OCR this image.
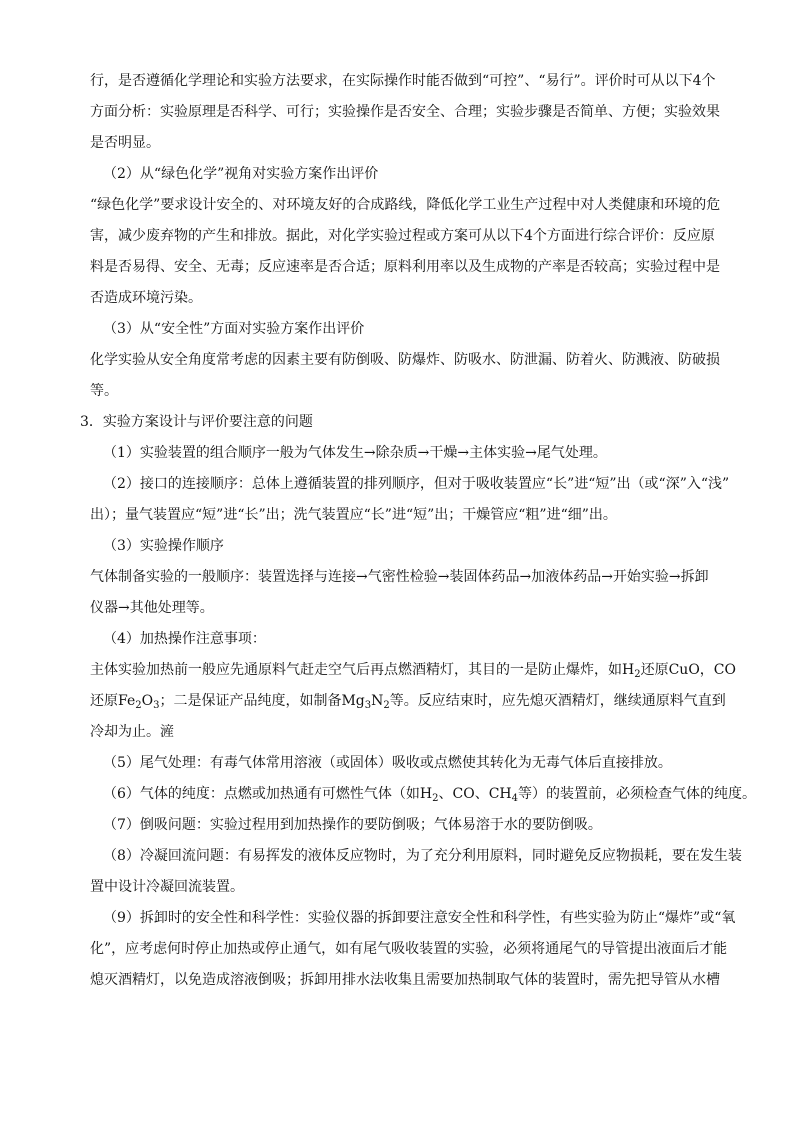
行，是否遵循化学理论和实验方法要求，在实际操作时能否做到“可控”、“易行”。评价时可从以下4个
方面分析：实验原理是否科学、可行；实验操作是否安全、合理；实验步骤是否简单、方便；实验效果
是否明显。
（2）从“绿色化学”视角对实验方案作出评价
“绿色化学”要求设计安全的、对环境友好的合成路线，降低化学工业生产过程中对人类健康和环境的危
害，减少废弃物的产生和排放。据此，对化学实验过程或方案可从以下4个方面进行综合评价：反应原
料是否易得、安全、无毒；反应速率是否合适；原料利用率以及生成物的产率是否较高；实验过程中是
否造成环境污染。
（3）从“安全性”方面对实验方案作出评价
化学实验从安全角度常考虑的因素主要有防倒吸、防爆炸、防吸水、防泄漏、防着火、防溅液、防破损
等。
3．实验方案设计与评价要注意的问题
（1）实验装置的组合顺序一般为气体发生→除杂质→干燥→主体实验→尾气处理。
（2）接口的连接顺序：总体上遵循装置的排列顺序，但对于吸收装置应“长”进“短”出（或“深”入“浅”
出）；量气装置应“短”进“长”出；洗气装置应“长”进“短”出；干燥管应“粗”进“细”出。
（3）实验操作顺序
气体制备实验的一般顺序：装置选择与连接→气密性检验→装固体药品→加液体药品→开始实验→拆卸
仪器→其他处理等。
（4）加热操作注意事项：
主体实验加热前一般应先通原料气赶走空气后再点燃酒精灯，其目的一是防止爆炸，如$H_2$还原CuO，CO
还原$Fe_2O_3$；二是保证产品纯度，如制备$Mg_3N_2$等。反应结束时，应先熄灭酒精灯，继续通原料气直到
冷却为止。滻
（5）尾气处理：有毒气体常用溶液（或固体）吸收或点燃使其转化为无毒气体后直接排放。
（6）气体的纯度：点燃或加热通有可燃性气体（如$H_2$、CO、$CH_4$等）的装置前，必须检查气体的纯度。
（7）倒吸问题：实验过程用到加热操作的要防倒吸；气体易溶于水的要防倒吸。
（8）冷凝回流问题：有易挥发的液体反应物时，为了充分利用原料，同时避免反应物损耗，要在发生装
置中设计冷凝回流装置。
（9）拆卸时的安全性和科学性：实验仪器的拆卸要注意安全性和科学性，有些实验为防止“爆炸”或“氧
化”，应考虑何时停止加热或停止通气，如有尾气吸收装置的实验，必须将通尾气的导管提出液面后才能
熄灭酒精灯，以免造成溶液倒吸；拆卸用排水法收集且需要加热制取气体的装置时，需先把导管从水槽
